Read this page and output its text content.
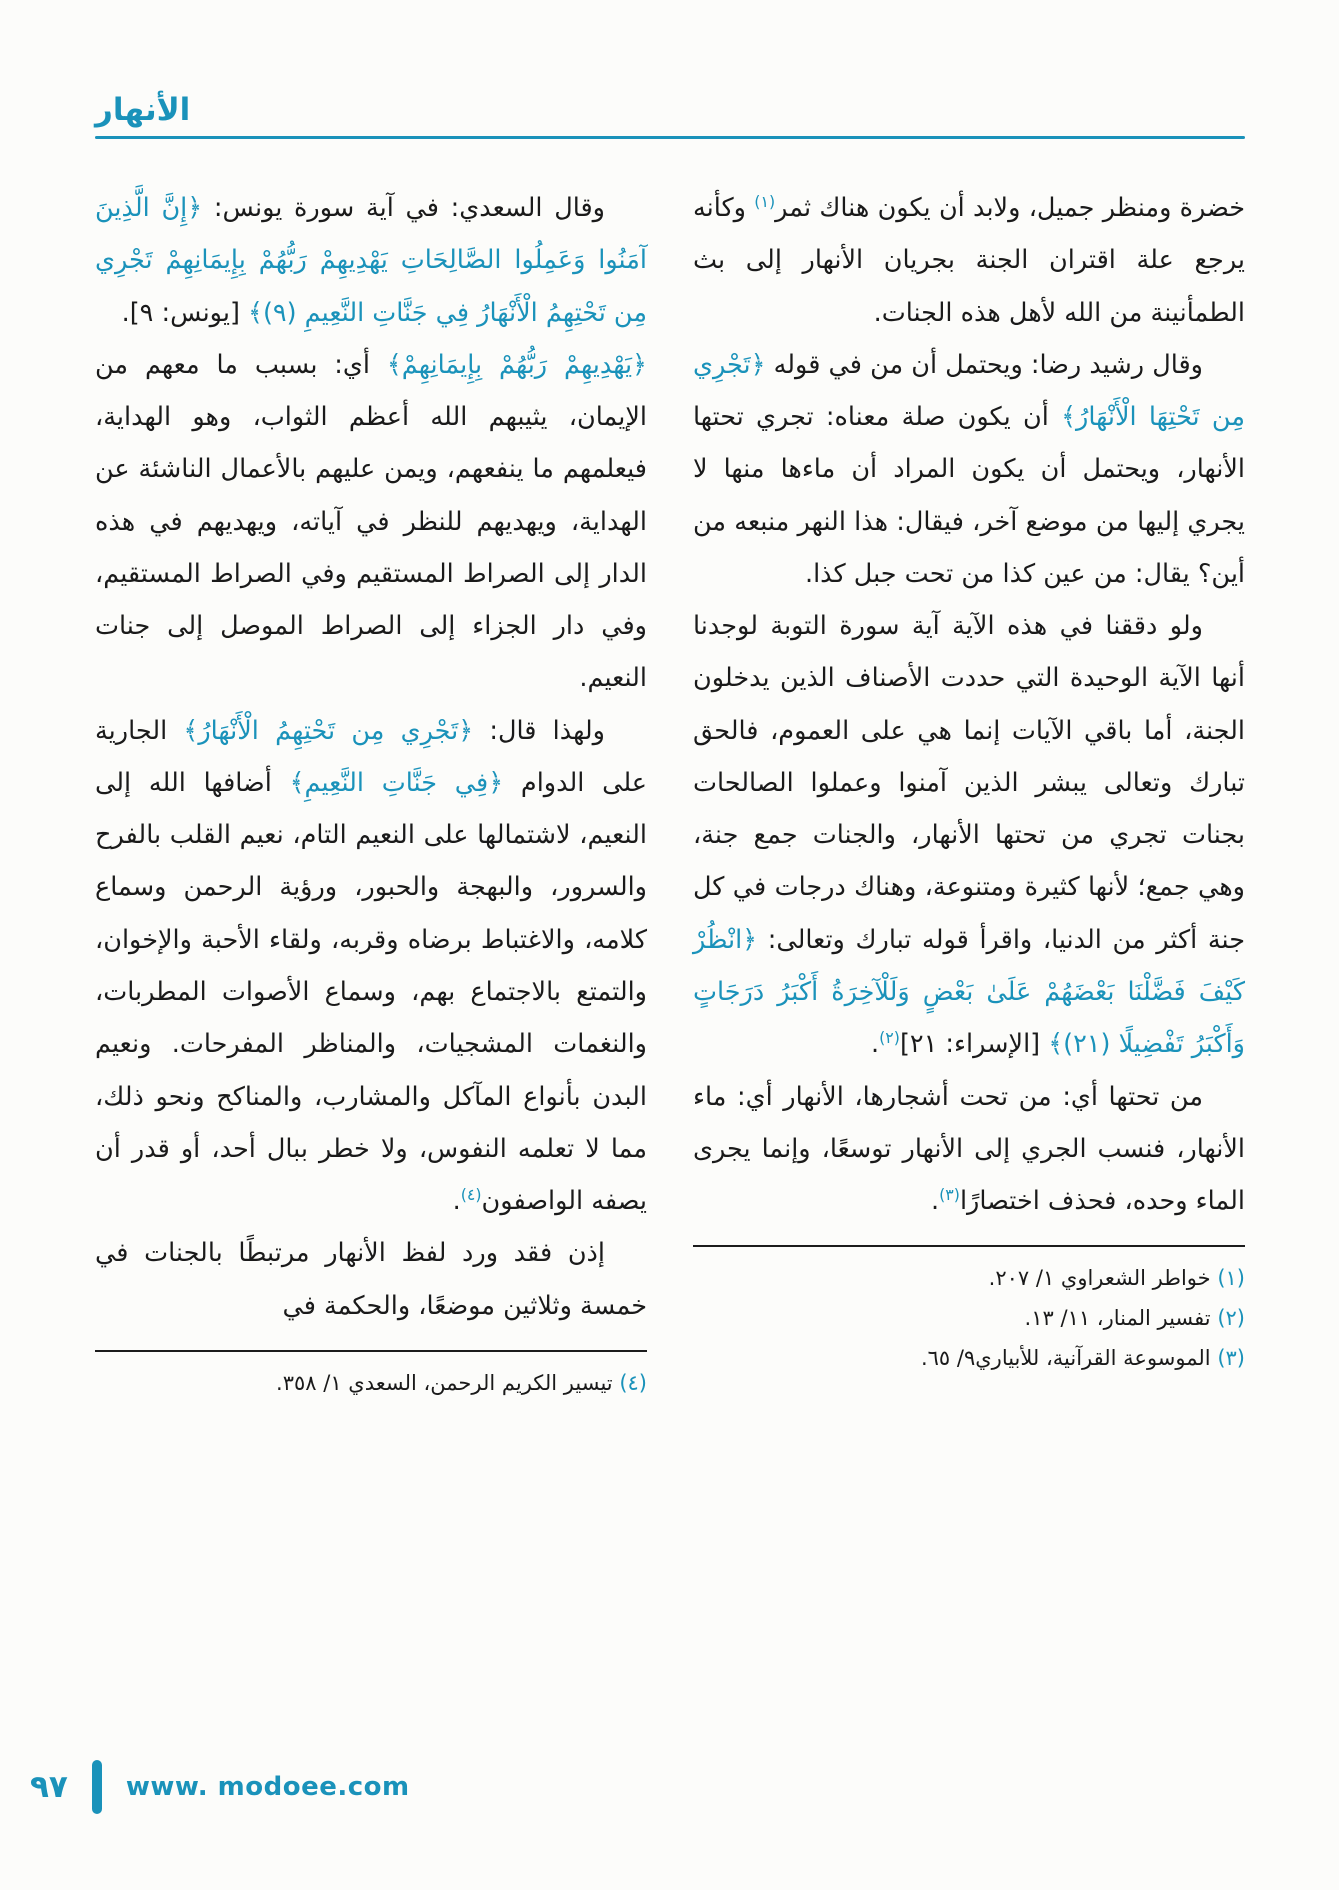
الأنهار

خضرة ومنظر جميل، ولابد أن يكون هناك ثمر$^{(١)}$ وكأنه يرجع علة اقتران الجنة بجريان الأنهار إلى بث الطمأنينة من الله لأهل هذه الجنات.

وقال رشيد رضا: ويحتمل أن من في قوله ﴿تَجْرِي مِن تَحْتِهَا الْأَنْهَارُ﴾ أن يكون صلة معناه: تجري تحتها الأنهار، ويحتمل أن يكون المراد أن ماءها منها لا يجري إليها من موضع آخر، فيقال: هذا النهر منبعه من أين؟ يقال: من عين كذا من تحت جبل كذا.

ولو دققنا في هذه الآية آية سورة التوبة لوجدنا أنها الآية الوحيدة التي حددت الأصناف الذين يدخلون الجنة، أما باقي الآيات إنما هي على العموم، فالحق تبارك وتعالى يبشر الذين آمنوا وعملوا الصالحات بجنات تجري من تحتها الأنهار، والجنات جمع جنة، وهي جمع؛ لأنها كثيرة ومتنوعة، وهناك درجات في كل جنة أكثر من الدنيا، واقرأ قوله تبارك وتعالى: ﴿انْظُرْ كَيْفَ فَضَّلْنَا بَعْضَهُمْ عَلَىٰ بَعْضٍ وَلَلْآخِرَةُ أَكْبَرُ دَرَجَاتٍ وَأَكْبَرُ تَفْضِيلًا (٢١)﴾ [الإسراء: ٢١]$^{(٢)}$.

من تحتها أي: من تحت أشجارها، الأنهار أي: ماء الأنهار، فنسب الجري إلى الأنهار توسعًا، وإنما يجرى الماء وحده، فحذف اختصارًا$^{(٣)}$.

(١) خواطر الشعراوي ١/ ٢٠٧.
(٢) تفسير المنار، ١١/ ١٣.
(٣) الموسوعة القرآنية، للأبياري٩/ ٦٥.

وقال السعدي: في آية سورة يونس: ﴿إِنَّ الَّذِينَ آمَنُوا وَعَمِلُوا الصَّالِحَاتِ يَهْدِيهِمْ رَبُّهُمْ بِإِيمَانِهِمْ تَجْرِي مِن تَحْتِهِمُ الْأَنْهَارُ فِي جَنَّاتِ النَّعِيمِ (٩)﴾ [يونس: ٩].

﴿يَهْدِيهِمْ رَبُّهُمْ بِإِيمَانِهِمْ﴾ أي: بسبب ما معهم من الإيمان، يثيبهم الله أعظم الثواب، وهو الهداية، فيعلمهم ما ينفعهم، ويمن عليهم بالأعمال الناشئة عن الهداية، ويهديهم للنظر في آياته، ويهديهم في هذه الدار إلى الصراط المستقيم وفي الصراط المستقيم، وفي دار الجزاء إلى الصراط الموصل إلى جنات النعيم.

ولهذا قال: ﴿تَجْرِي مِن تَحْتِهِمُ الْأَنْهَارُ﴾ الجارية على الدوام ﴿فِي جَنَّاتِ النَّعِيمِ﴾ أضافها الله إلى النعيم، لاشتمالها على النعيم التام، نعيم القلب بالفرح والسرور، والبهجة والحبور، ورؤية الرحمن وسماع كلامه، والاغتباط برضاه وقربه، ولقاء الأحبة والإخوان، والتمتع بالاجتماع بهم، وسماع الأصوات المطربات، والنغمات المشجيات، والمناظر المفرحات. ونعيم البدن بأنواع المآكل والمشارب، والمناكح ونحو ذلك، مما لا تعلمه النفوس، ولا خطر ببال أحد، أو قدر أن يصفه الواصفون$^{(٤)}$.

إذن فقد ورد لفظ الأنهار مرتبطًا بالجنات في خمسة وثلاثين موضعًا، والحكمة في

(٤) تيسير الكريم الرحمن، السعدي ١/ ٣٥٨.
٩٧ www. modoee.com
